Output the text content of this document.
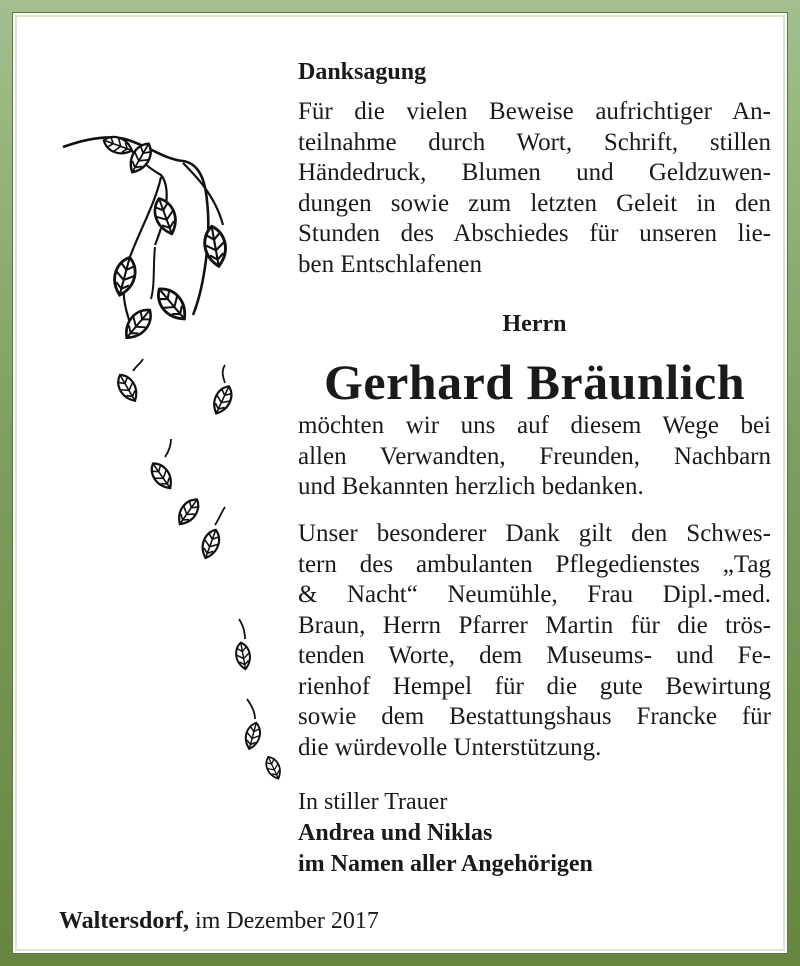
Danksagung
Für die vielen Beweise aufrichtiger An-
teilnahme durch Wort, Schrift, stillen
Händedruck, Blumen und Geldzuwen-
dungen sowie zum letzten Geleit in den
Stunden des Abschiedes für unseren lie-
ben Entschlafenen
Herrn
Gerhard Bräunlich
möchten wir uns auf diesem Wege bei
allen Verwandten, Freunden, Nachbarn
und Bekannten herzlich bedanken.
Unser besonderer Dank gilt den Schwes-
tern des ambulanten Pflegedienstes „Tag
& Nacht“ Neumühle, Frau Dipl.-med.
Braun, Herrn Pfarrer Martin für die trös-
tenden Worte, dem Museums- und Fe-
rienhof Hempel für die gute Bewirtung
sowie dem Bestattungshaus Francke für
die würdevolle Unterstützung.
In stiller Trauer
Andrea und Niklas
im Namen aller Angehörigen
Waltersdorf, im Dezember 2017
